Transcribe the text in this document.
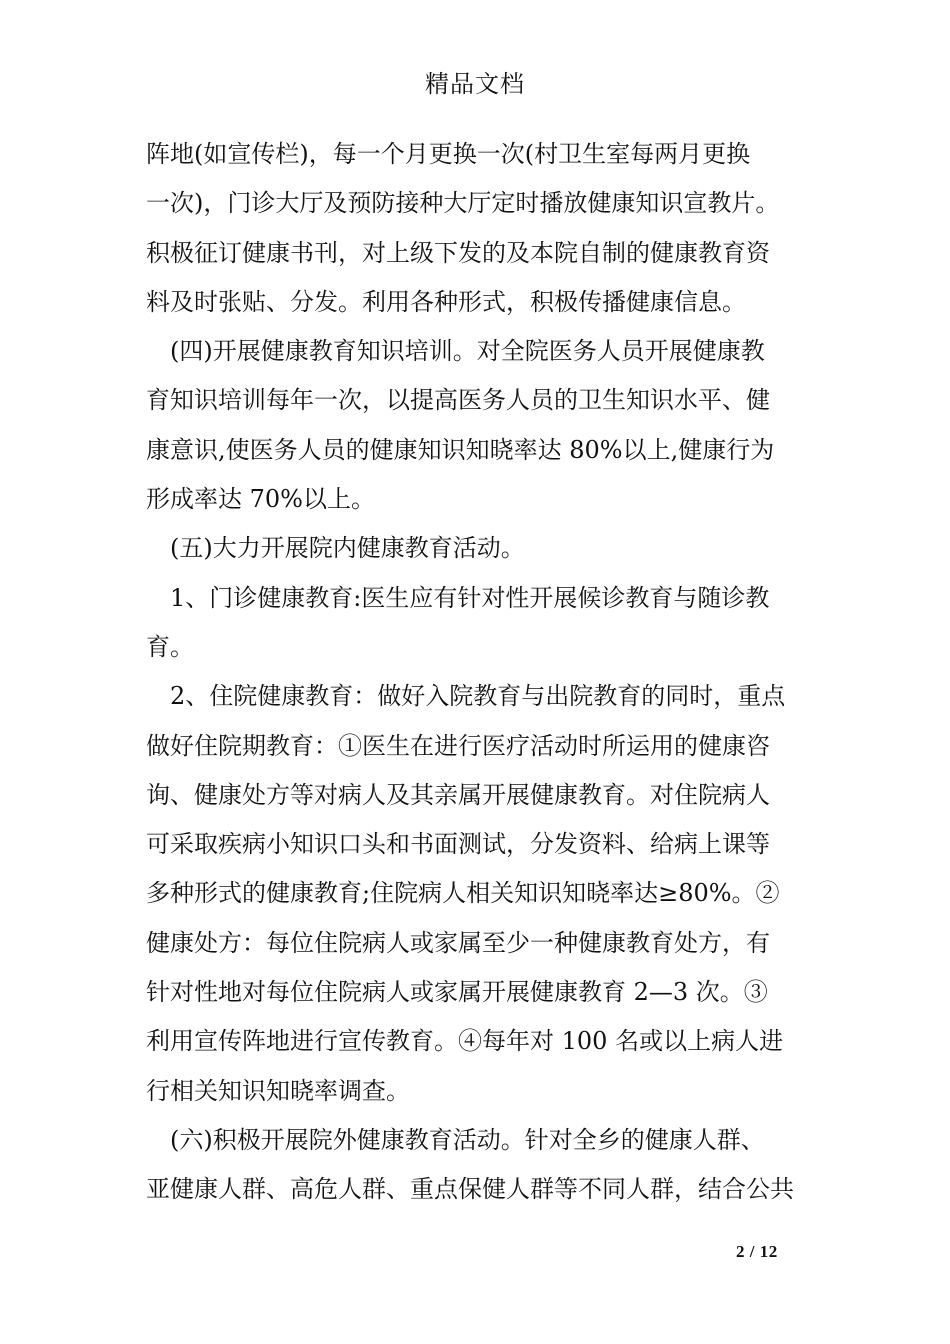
精品文档
阵地(如宣传栏)，每一个月更换一次(村卫生室每两月更换
一次)，门诊大厅及预防接种大厅定时播放健康知识宣教片。
积极征订健康书刊，对上级下发的及本院自制的健康教育资
料及时张贴、分发。利用各种形式，积极传播健康信息。
(四)开展健康教育知识培训。对全院医务人员开展健康教
育知识培训每年一次，以提高医务人员的卫生知识水平、健
康意识,使医务人员的健康知识知晓率达 80%以上,健康行为
形成率达 70%以上。
(五)大力开展院内健康教育活动。
1、门诊健康教育:医生应有针对性开展候诊教育与随诊教
育。
2、住院健康教育：做好入院教育与出院教育的同时，重点
做好住院期教育：①医生在进行医疗活动时所运用的健康咨
询、健康处方等对病人及其亲属开展健康教育。对住院病人
可采取疾病小知识口头和书面测试，分发资料、给病上课等
多种形式的健康教育;住院病人相关知识知晓率达≥80%。②
健康处方：每位住院病人或家属至少一种健康教育处方，有
针对性地对每位住院病人或家属开展健康教育 2—3 次。③
利用宣传阵地进行宣传教育。④每年对 100 名或以上病人进
行相关知识知晓率调查。
(六)积极开展院外健康教育活动。针对全乡的健康人群、
亚健康人群、高危人群、重点保健人群等不同人群，结合公共
2 / 12
